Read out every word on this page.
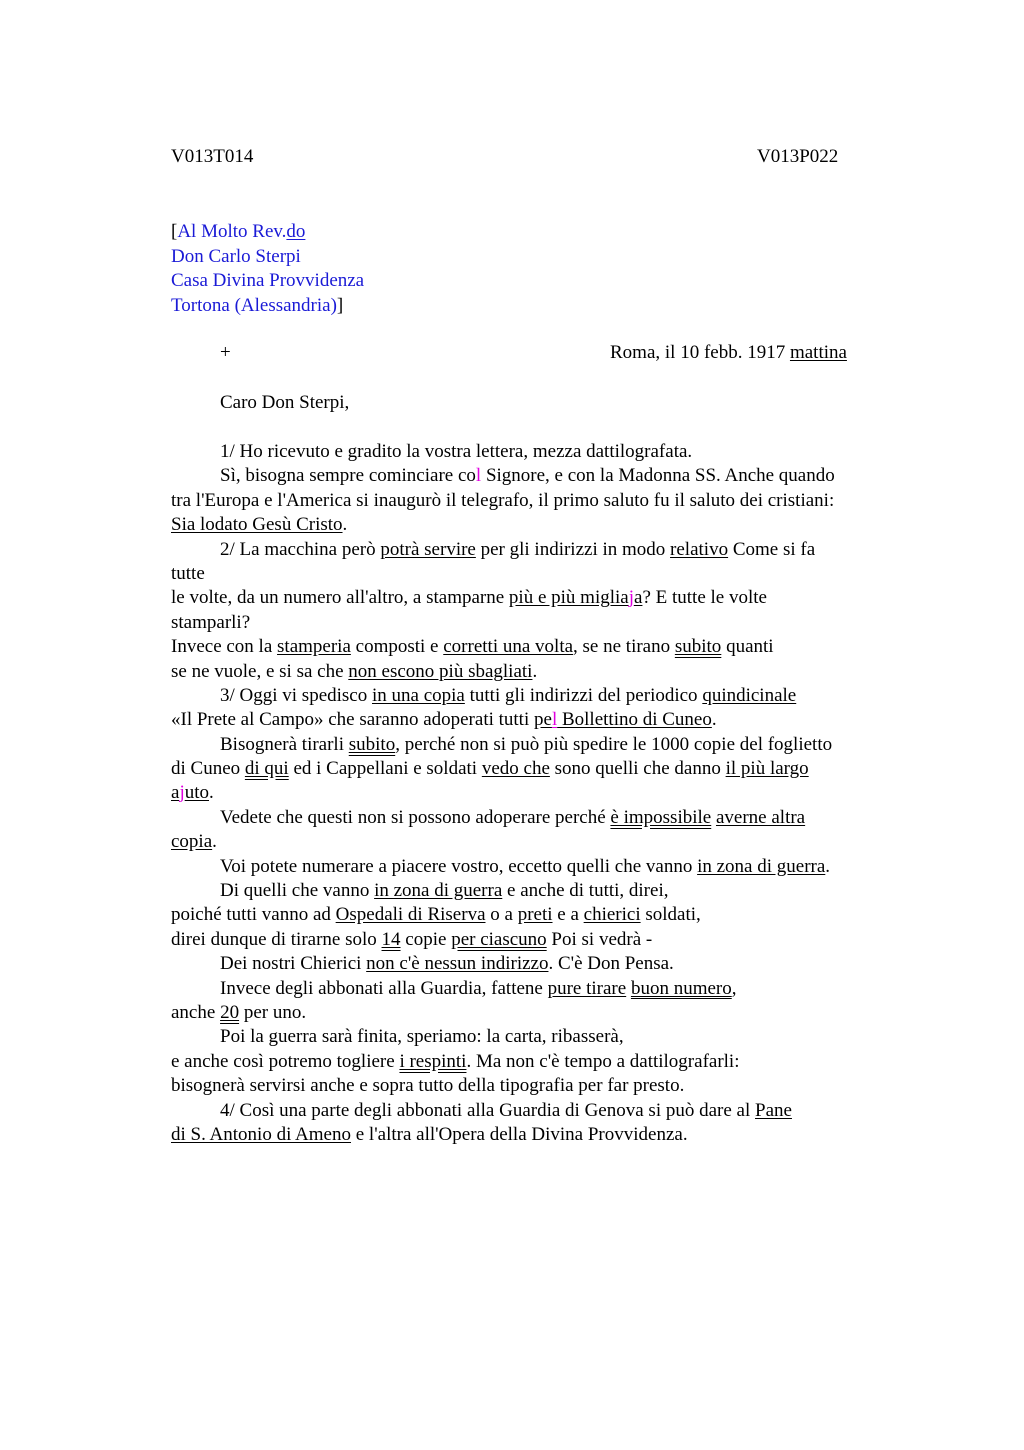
V013T014	V013P022
[Al Molto Rev.do
Don Carlo Sterpi
Casa Divina Provvidenza
Tortona (Alessandria)]
+	Roma, il 10 febb. 1917 mattina
Caro Don Sterpi,
1/ Ho ricevuto e gradito la vostra lettera, mezza dattilografata.
Sì, bisogna sempre cominciare col Signore, e con la Madonna SS. Anche quando
tra l'Europa e l'America si inaugurò il telegrafo, il primo saluto fu il saluto dei cristiani:
Sia lodato Gesù Cristo.
2/ La macchina però potrà servire per gli indirizzi in modo relativo Come si fa
tutte
le volte, da un numero all'altro, a stamparne più e più migliaja? E tutte le volte
stamparli?
Invece con la stamperia composti e corretti una volta, se ne tirano subito quanti
se ne vuole, e si sa che non escono più sbagliati.
3/ Oggi vi spedisco in una copia tutti gli indirizzi del periodico quindicinale
«Il Prete al Campo» che saranno adoperati tutti pel Bollettino di Cuneo.
Bisognerà tirarli subito, perché non si può più spedire le 1000 copie del foglietto
di Cuneo di qui ed i Cappellani e soldati vedo che sono quelli che danno il più largo
ajuto.
Vedete che questi non si possono adoperare perché è impossibile averne altra
copia.
Voi potete numerare a piacere vostro, eccetto quelli che vanno in zona di guerra.
Di quelli che vanno in zona di guerra e anche di tutti, direi,
poiché tutti vanno ad Ospedali di Riserva o a preti e a chierici soldati,
direi dunque di tirarne solo 14 copie per ciascuno Poi si vedrà -
Dei nostri Chierici non c'è nessun indirizzo. C'è Don Pensa.
Invece degli abbonati alla Guardia, fattene pure tirare buon numero,
anche 20 per uno.
Poi la guerra sarà finita, speriamo: la carta, ribasserà,
e anche così potremo togliere i respinti. Ma non c'è tempo a dattilografarli:
bisognerà servirsi anche e sopra tutto della tipografia per far presto.
4/ Così una parte degli abbonati alla Guardia di Genova si può dare al Pane
di S. Antonio di Ameno e l'altra all'Opera della Divina Provvidenza.
